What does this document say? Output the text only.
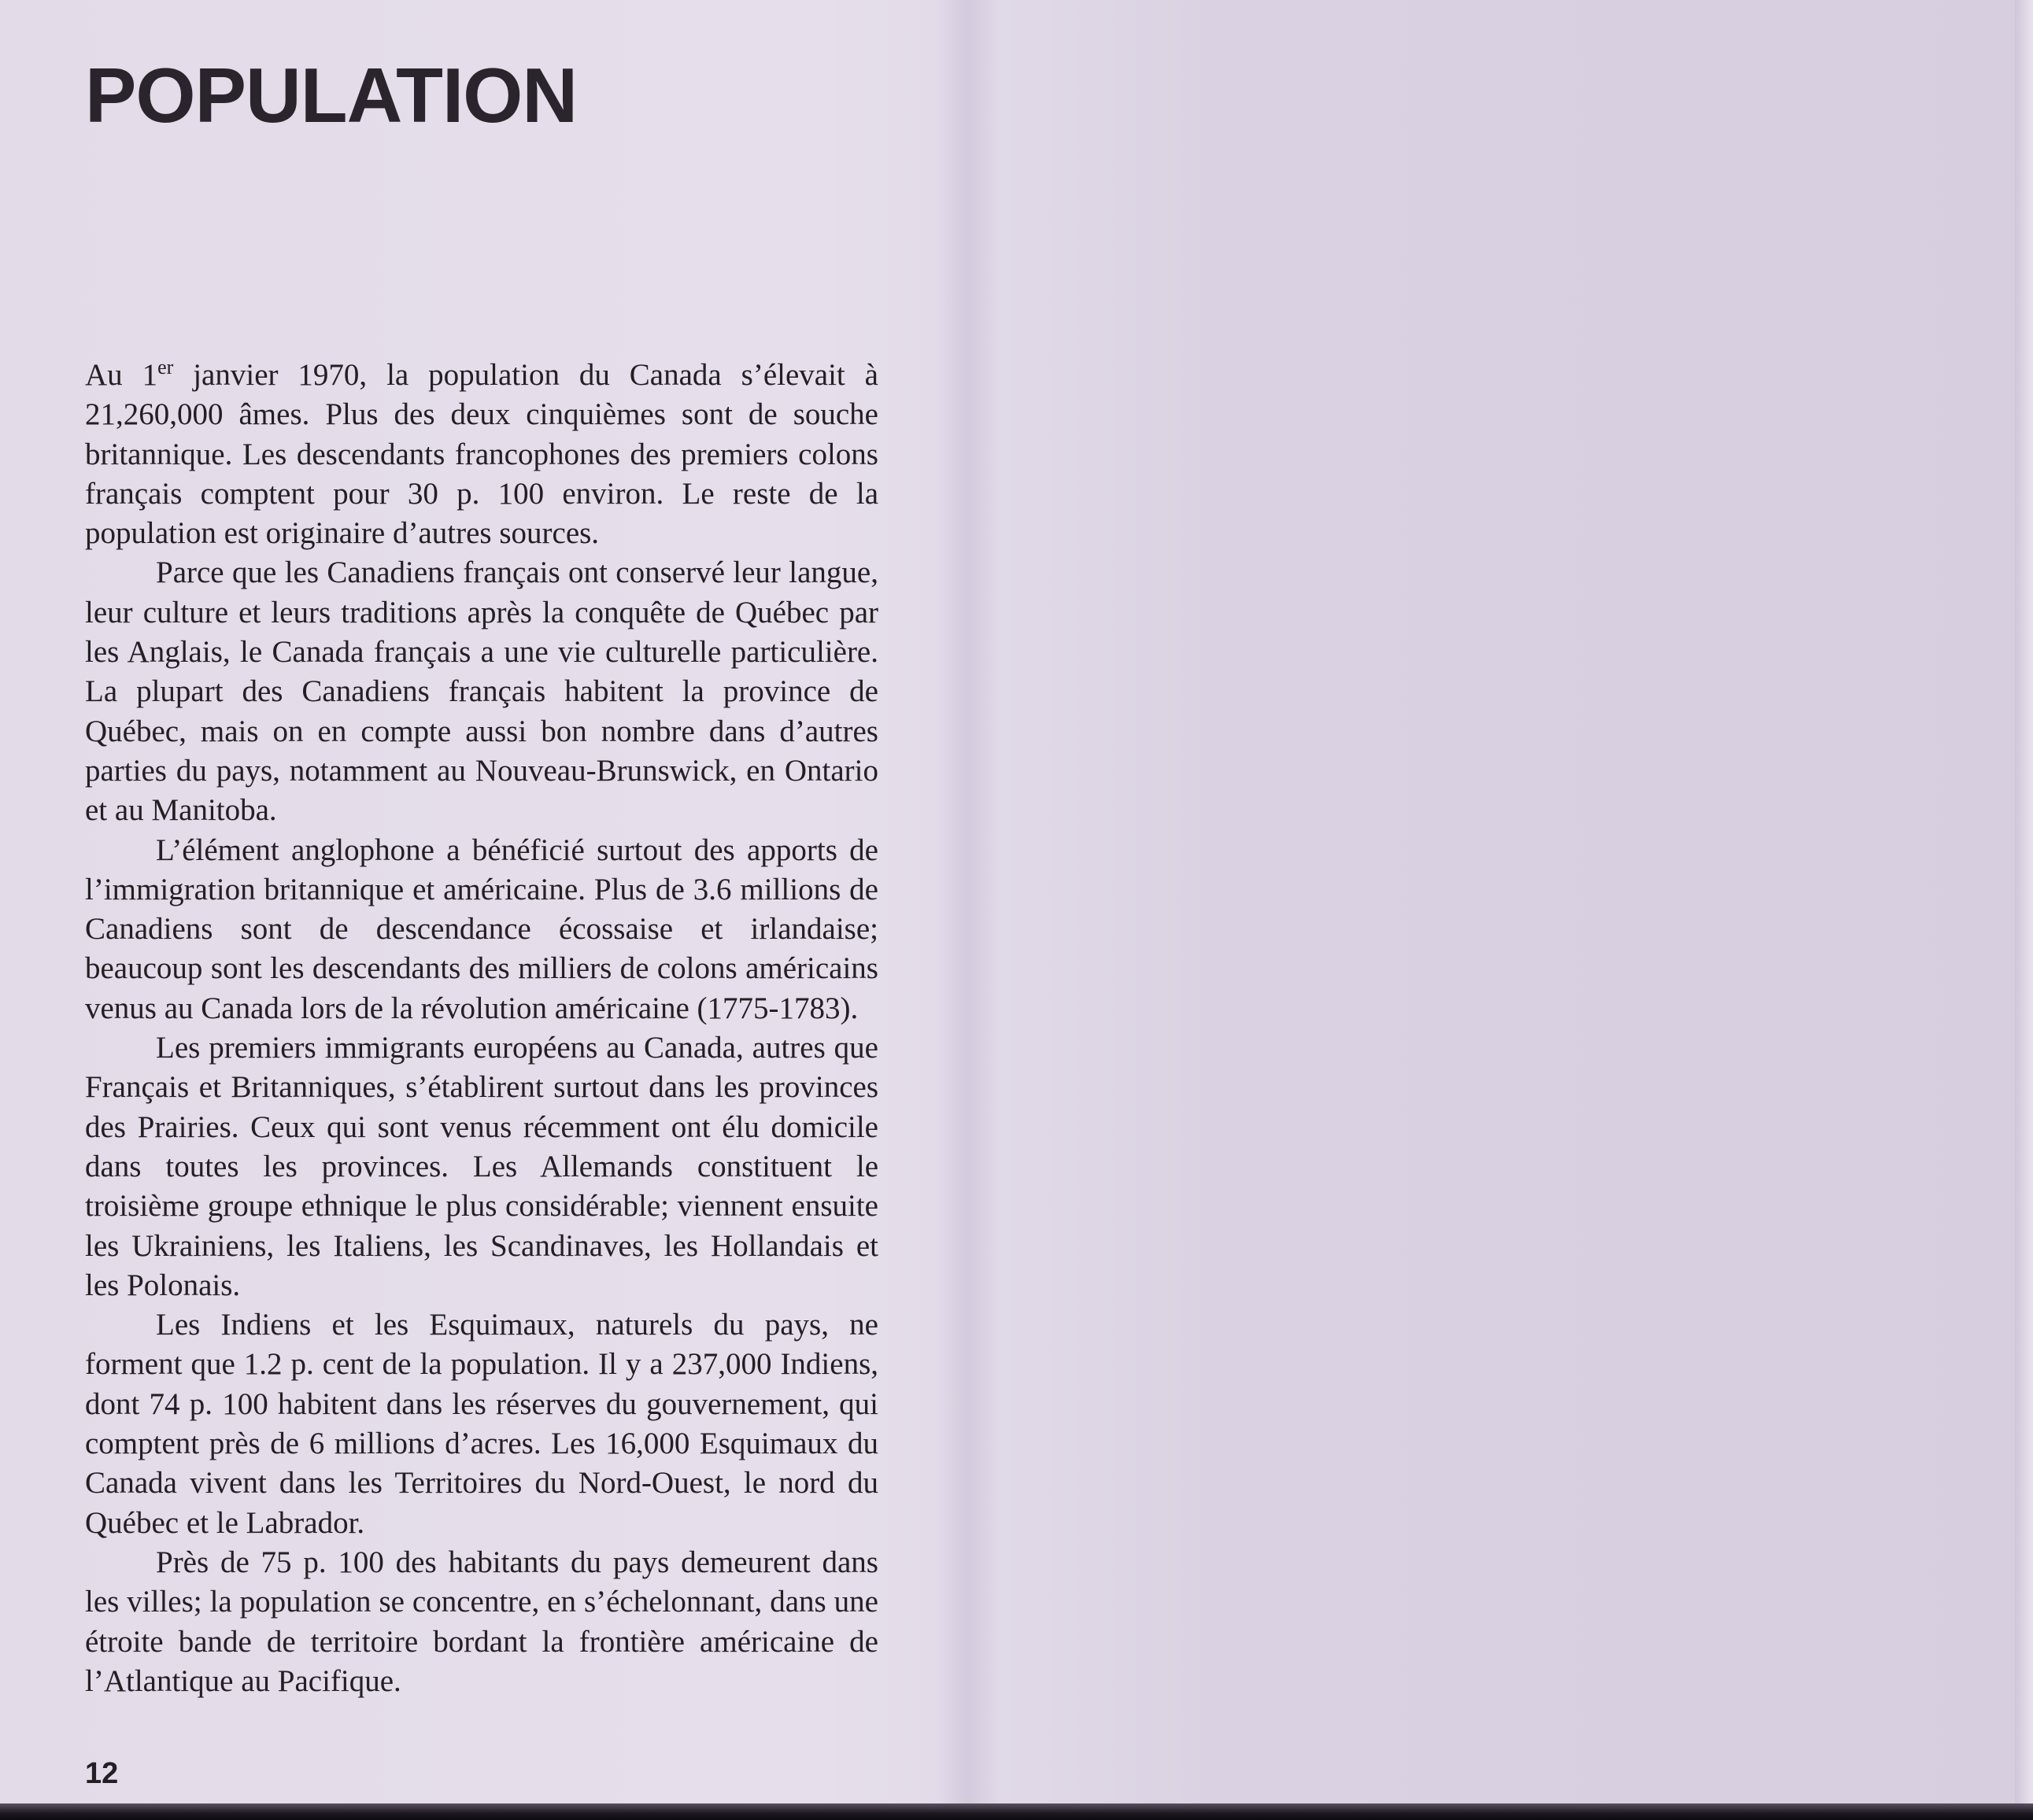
POPULATION

Au 1er janvier 1970, la population du Canada s’élevait à 21,260,000 âmes. Plus des deux cinquièmes sont de souche britannique. Les descendants francophones des premiers colons français comptent pour 30 p. 100 environ. Le reste de la population est originaire d’autres sources.

Parce que les Canadiens français ont conservé leur langue, leur culture et leurs traditions après la conquête de Québec par les Anglais, le Canada français a une vie culturelle particulière. La plupart des Canadiens français habitent la province de Québec, mais on en compte aussi bon nombre dans d’autres parties du pays, notamment au Nouveau-Brunswick, en Ontario et au Manitoba.

L’élément anglophone a bénéficié surtout des apports de l’immigration britannique et américaine. Plus de 3.6 millions de Canadiens sont de descendance écossaise et irlandaise; beaucoup sont les descendants des milliers de colons américains venus au Canada lors de la révolution américaine (1775-1783).

Les premiers immigrants européens au Canada, autres que Français et Britanniques, s’établirent surtout dans les provinces des Prairies. Ceux qui sont venus récemment ont élu domicile dans toutes les provinces. Les Allemands constituent le troisième groupe ethnique le plus considérable; viennent ensuite les Ukrainiens, les Italiens, les Scandinaves, les Hollandais et les Polonais.

Les Indiens et les Esquimaux, naturels du pays, ne forment que 1.2 p. cent de la population. Il y a 237,000 Indiens, dont 74 p. 100 habitent dans les réserves du gouvernement, qui comptent près de 6 millions d’acres. Les 16,000 Esquimaux du Canada vivent dans les Territoires du Nord-Ouest, le nord du Québec et le Labrador.

Près de 75 p. 100 des habitants du pays demeurent dans les villes; la population se concentre, en s’échelonnant, dans une étroite bande de territoire bordant la frontière américaine de l’Atlantique au Pacifique.

12
